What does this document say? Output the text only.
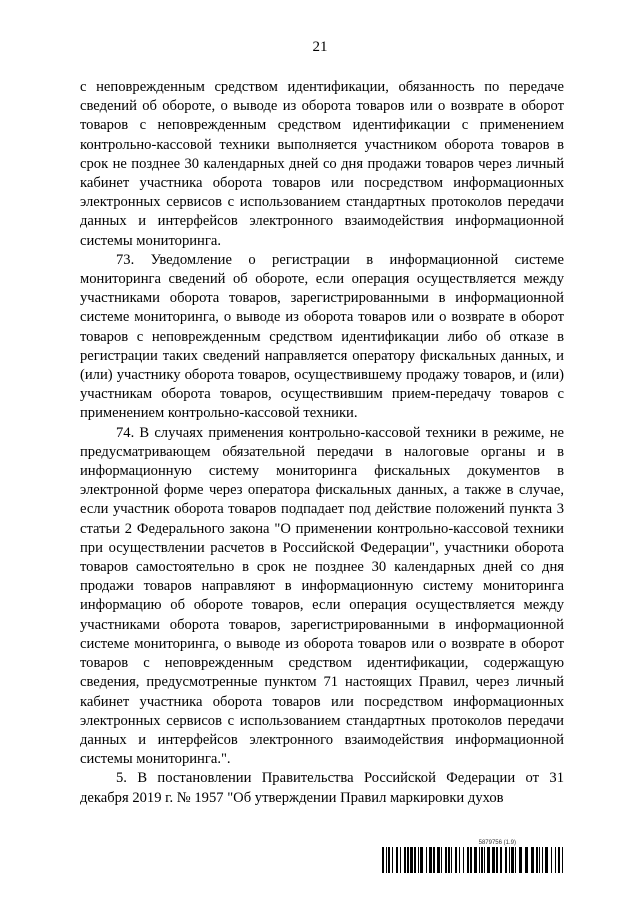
21

с неповрежденным средством идентификации, обязанность по передаче сведений об обороте, о выводе из оборота товаров или о возврате в оборот товаров с неповрежденным средством идентификации с применением контрольно-кассовой техники выполняется участником оборота товаров в срок не позднее 30 календарных дней со дня продажи товаров через личный кабинет участника оборота товаров или посредством информационных электронных сервисов с использованием стандартных протоколов передачи данных и интерфейсов электронного взаимодействия информационной системы мониторинга.

73. Уведомление о регистрации в информационной системе мониторинга сведений об обороте, если операция осуществляется между участниками оборота товаров, зарегистрированными в информационной системе мониторинга, о выводе из оборота товаров или о возврате в оборот товаров с неповрежденным средством идентификации либо об отказе в регистрации таких сведений направляется оператору фискальных данных, и (или) участнику оборота товаров, осуществившему продажу товаров, и (или) участникам оборота товаров, осуществившим прием-передачу товаров с применением контрольно-кассовой техники.

74. В случаях применения контрольно-кассовой техники в режиме, не предусматривающем обязательной передачи в налоговые органы и в информационную систему мониторинга фискальных документов в электронной форме через оператора фискальных данных, а также в случае, если участник оборота товаров подпадает под действие положений пункта 3 статьи 2 Федерального закона "О применении контрольно-кассовой техники при осуществлении расчетов в Российской Федерации", участники оборота товаров самостоятельно в срок не позднее 30 календарных дней со дня продажи товаров направляют в информационную систему мониторинга информацию об обороте товаров, если операция осуществляется между участниками оборота товаров, зарегистрированными в информационной системе мониторинга, о выводе из оборота товаров или о возврате в оборот товаров с неповрежденным средством идентификации, содержащую сведения, предусмотренные пунктом 71 настоящих Правил, через личный кабинет участника оборота товаров или посредством информационных электронных сервисов с использованием стандартных протоколов передачи данных и интерфейсов электронного взаимодействия информационной системы мониторинга.".

5. В постановлении Правительства Российской Федерации от 31 декабря 2019 г. № 1957 "Об утверждении Правил маркировки духов

5879756 (1.9)
